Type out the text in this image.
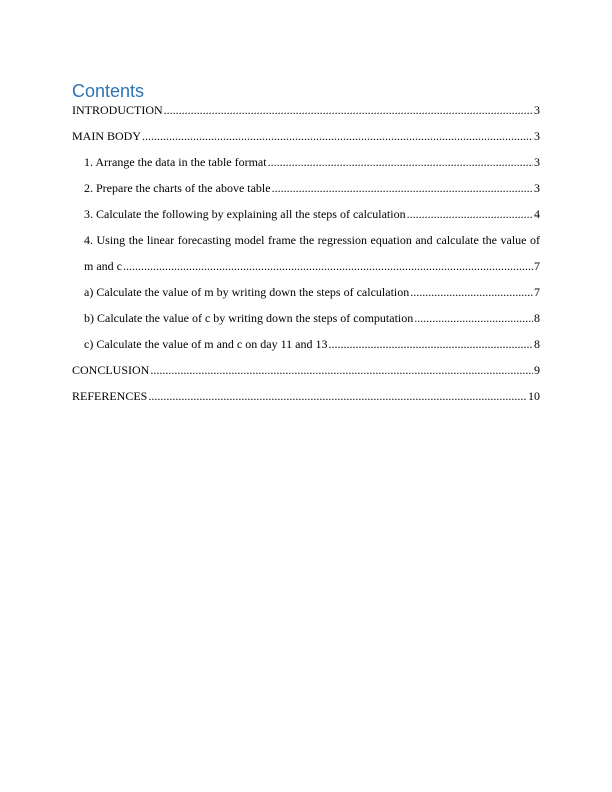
Contents
INTRODUCTION .....	3
MAIN BODY .....	3
1. Arrange the data in the table format .....	3
2. Prepare the charts of the above table .....	3
3. Calculate the following by explaining all the steps of calculation .....	4
4. Using the linear forecasting model frame the regression equation and calculate the value of
m and c .....	7
a) Calculate the value of m by writing down the steps of calculation .....	7
b) Calculate the value of c by writing down the steps of computation .....	8
c) Calculate the value of m and c on day 11 and 13 .....	8
CONCLUSION .....	9
REFERENCES .....	10
